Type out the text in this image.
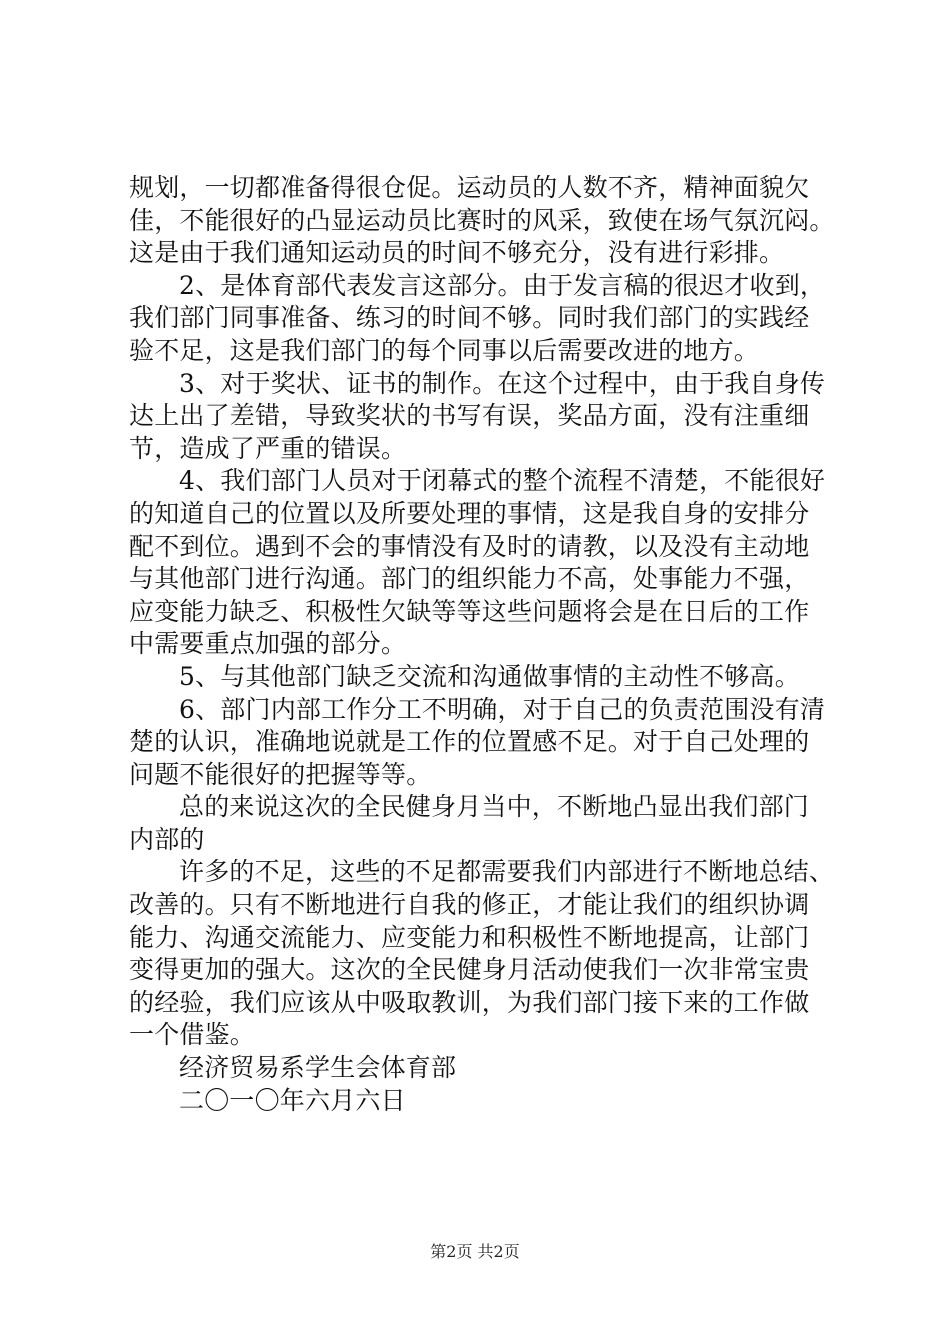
规划，一切都准备得很仓促。运动员的人数不齐，精神面貌欠
佳，不能很好的凸显运动员比赛时的风采，致使在场气氛沉闷。
这是由于我们通知运动员的时间不够充分，没有进行彩排。
2、是体育部代表发言这部分。由于发言稿的很迟才收到，
我们部门同事准备、练习的时间不够。同时我们部门的实践经
验不足，这是我们部门的每个同事以后需要改进的地方。
3、对于奖状、证书的制作。在这个过程中，由于我自身传
达上出了差错，导致奖状的书写有误，奖品方面，没有注重细
节，造成了严重的错误。
4、我们部门人员对于闭幕式的整个流程不清楚，不能很好
的知道自己的位置以及所要处理的事情，这是我自身的安排分
配不到位。遇到不会的事情没有及时的请教，以及没有主动地
与其他部门进行沟通。部门的组织能力不高，处事能力不强，
应变能力缺乏、积极性欠缺等等这些问题将会是在日后的工作
中需要重点加强的部分。
5、与其他部门缺乏交流和沟通做事情的主动性不够高。
6、部门内部工作分工不明确，对于自己的负责范围没有清
楚的认识，准确地说就是工作的位置感不足。对于自己处理的
问题不能很好的把握等等。
总的来说这次的全民健身月当中，不断地凸显出我们部门
内部的
许多的不足，这些的不足都需要我们内部进行不断地总结、
改善的。只有不断地进行自我的修正，才能让我们的组织协调
能力、沟通交流能力、应变能力和积极性不断地提高，让部门
变得更加的强大。这次的全民健身月活动使我们一次非常宝贵
的经验，我们应该从中吸取教训，为我们部门接下来的工作做
一个借鉴。
经济贸易系学生会体育部
二〇一〇年六月六日
第2页 共2页
